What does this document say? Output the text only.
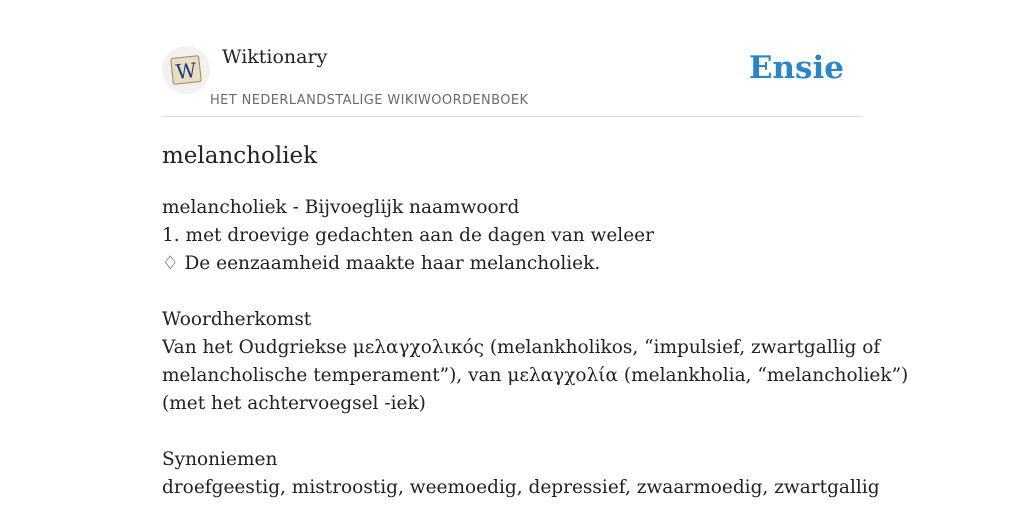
W
Wiktionary
HET NEDERLANDSTALIGE WIKIWOORDENBOEK
Ensie
melancholiek
melancholiek - Bijvoeglijk naamwoord
1. met droevige gedachten aan de dagen van weleer
♢ De eenzaamheid maakte haar melancholiek.
Woordherkomst
Van het Oudgriekse μελαγχολικός (melankholikos, “impulsief, zwartgallig of
melancholische temperament”), van μελαγχολία (melankholia, “melancholiek”)
(met het achtervoegsel -iek)
Synoniemen
droefgeestig, mistroostig, weemoedig, depressief, zwaarmoedig, zwartgallig
